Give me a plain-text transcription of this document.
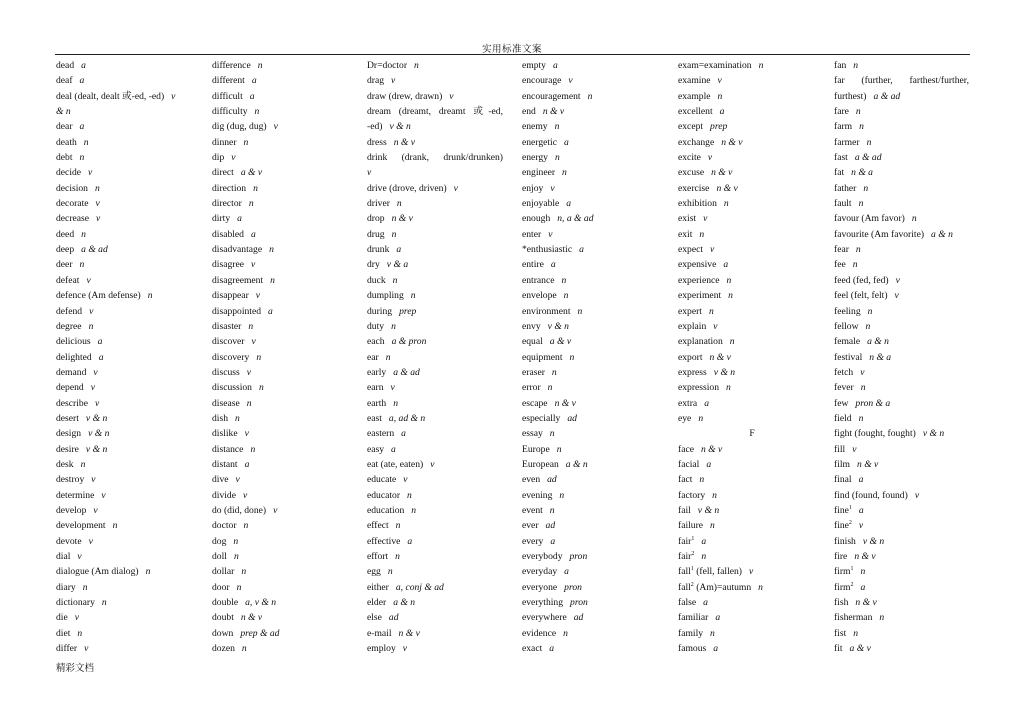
实用标准文案
dead a
deaf a
deal (dealt, dealt 或-ed, -ed) v
& n
dear a
death n
debt n
decide v
decision n
decorate v
decrease v
deed n
deep a & ad
deer n
defeat v
defence (Am defense) n
defend v
degree n
delicious a
delighted a
demand v
depend v
describe v
desert v & n
design v & n
desire v & n
desk n
destroy v
determine v
develop v
development n
devote v
dial v
dialogue (Am dialog) n
diary n
dictionary n
die v
diet n
differ v
difference n
different a
difficult a
difficulty n
dig (dug, dug) v
dinner n
dip v
direct a & v
direction n
director n
dirty a
disabled a
disadvantage n
disagree v
disagreement n
disappear v
disappointed a
disaster n
discover v
discovery n
discuss v
discussion n
disease n
dish n
dislike v
distance n
distant a
dive v
divide v
do (did, done) v
doctor n
dog n
doll n
dollar n
door n
double a, v & n
doubt n & v
down prep & ad
dozen n
Dr=doctor n
drag v
draw (drew, drawn) v
dream (dreamt, dreamt 或-ed,
-ed) v & n
dress n & v
drink (drank, drunk/drunken)
v
drive (drove, driven) v
driver n
drop n & v
drug n
drunk a
dry v & a
duck n
dumpling n
during prep
duty n
each a & pron
ear n
early a & ad
earn v
earth n
east a, ad & n
eastern a
easy a
eat (ate, eaten) v
educate v
educator n
education n
effect n
effective a
effort n
egg n
either a, conj & ad
elder a & n
else ad
e-mail n & v
employ v
empty a
encourage v
encouragement n
end n & v
enemy n
energetic a
energy n
engineer n
enjoy v
enjoyable a
enough n, a & ad
enter v
*enthusiastic a
entire a
entrance n
envelope n
environment n
envy v & n
equal a & v
equipment n
eraser n
error n
escape n & v
especially ad
essay n
Europe n
European a & n
even ad
evening n
event n
ever ad
every a
everybody pron
everyday a
everyone pron
everything pron
everywhere ad
evidence n
exact a
exam=examination n
examine v
example n
excellent a
except prep
exchange n & v
excite v
excuse n & v
exercise n & v
exhibition n
exist v
exit n
expect v
expensive a
experience n
experiment n
expert n
explain v
explanation n
export n & v
express v & n
expression n
extra a
eye n
F
face n & v
facial a
fact n
factory n
fail v & n
failure n
fair$^1$ a
fair$^2$ n
fall$^1$ (fell, fallen) v
fall$^2$ (Am)=autumn n
false a
familiar a
family n
famous a
fan n
far (further, farthest/further,
furthest) a & ad
fare n
farm n
farmer n
fast a & ad
fat n & a
father n
fault n
favour (Am favor) n
favourite (Am favorite) a & n
fear n
fee n
feed (fed, fed) v
feel (felt, felt) v
feeling n
fellow n
female a & n
festival n & a
fetch v
fever n
few pron & a
field n
fight (fought, fought) v & n
fill v
film n & v
final a
find (found, found) v
fine$^1$ a
fine$^2$ v
finish v & n
fire n & v
firm$^1$ n
firm$^2$ a
fish n & v
fisherman n
fist n
fit a & v
精彩文档
